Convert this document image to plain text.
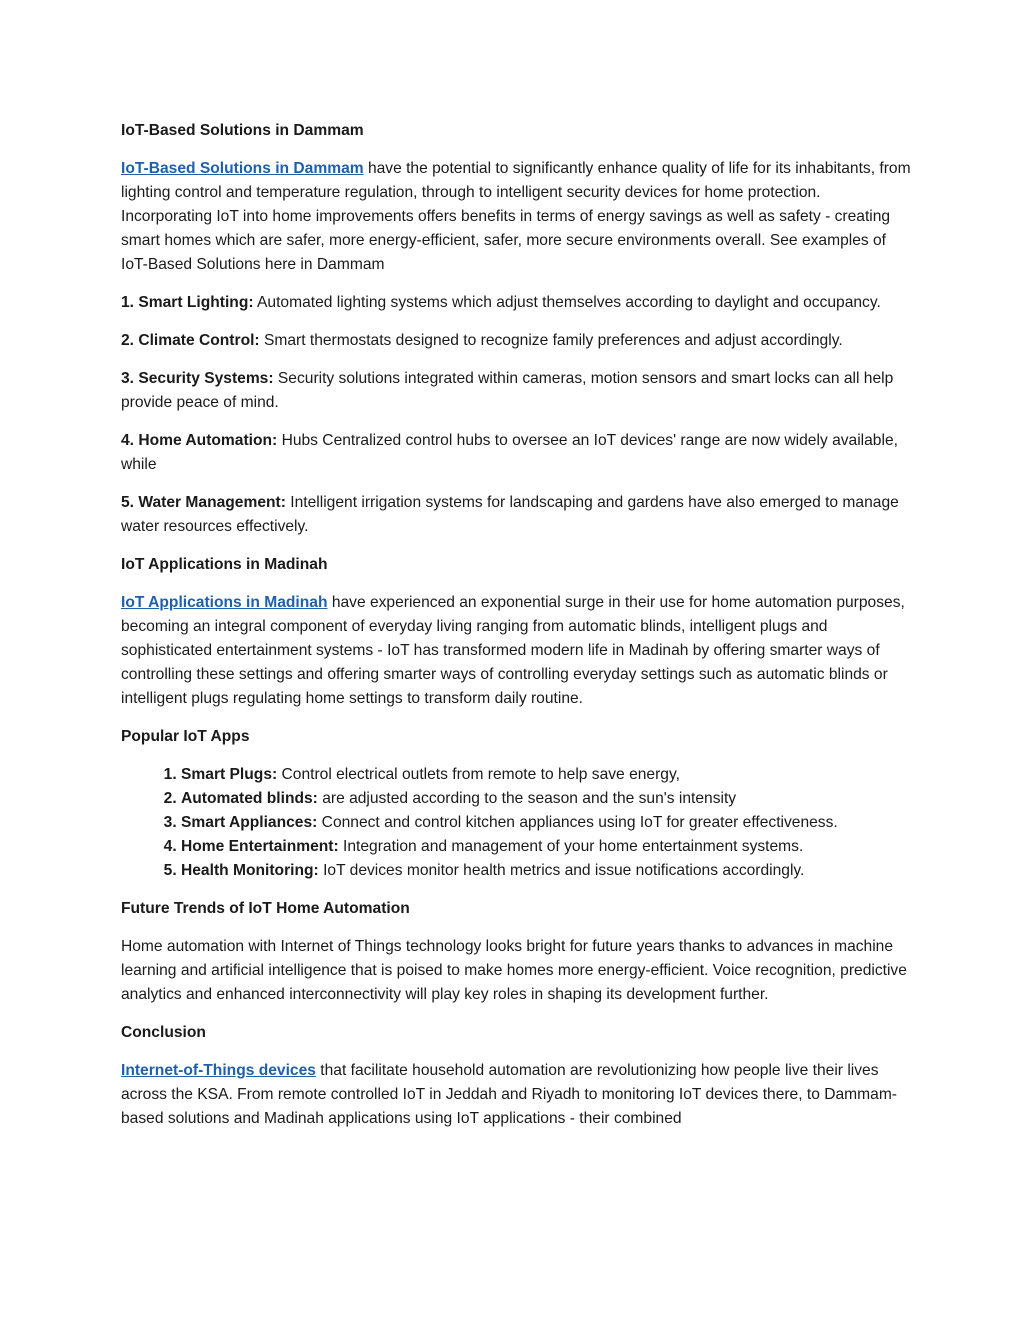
IoT-Based Solutions in Dammam

IoT-Based Solutions in Dammam have the potential to significantly enhance quality of life for its inhabitants, from lighting control and temperature regulation, through to intelligent security devices for home protection. Incorporating IoT into home improvements offers benefits in terms of energy savings as well as safety - creating smart homes which are safer, more energy-efficient, safer, more secure environments overall. See examples of IoT-Based Solutions here in Dammam

1. Smart Lighting: Automated lighting systems which adjust themselves according to daylight and occupancy.

2. Climate Control: Smart thermostats designed to recognize family preferences and adjust accordingly.

3. Security Systems: Security solutions integrated within cameras, motion sensors and smart locks can all help provide peace of mind.

4. Home Automation: Hubs Centralized control hubs to oversee an IoT devices' range are now widely available, while

5. Water Management: Intelligent irrigation systems for landscaping and gardens have also emerged to manage water resources effectively.

IoT Applications in Madinah

IoT Applications in Madinah have experienced an exponential surge in their use for home automation purposes, becoming an integral component of everyday living ranging from automatic blinds, intelligent plugs and sophisticated entertainment systems - IoT has transformed modern life in Madinah by offering smarter ways of controlling these settings and offering smarter ways of controlling everyday settings such as automatic blinds or intelligent plugs regulating home settings to transform daily routine.

Popular IoT Apps

1. Smart Plugs: Control electrical outlets from remote to help save energy,
2. Automated blinds: are adjusted according to the season and the sun's intensity
3. Smart Appliances: Connect and control kitchen appliances using IoT for greater effectiveness.
4. Home Entertainment: Integration and management of your home entertainment systems.
5. Health Monitoring: IoT devices monitor health metrics and issue notifications accordingly.

Future Trends of IoT Home Automation

Home automation with Internet of Things technology looks bright for future years thanks to advances in machine learning and artificial intelligence that is poised to make homes more energy-efficient. Voice recognition, predictive analytics and enhanced interconnectivity will play key roles in shaping its development further.

Conclusion

Internet-of-Things devices that facilitate household automation are revolutionizing how people live their lives across the KSA. From remote controlled IoT in Jeddah and Riyadh to monitoring IoT devices there, to Dammam-based solutions and Madinah applications using IoT applications - their combined
